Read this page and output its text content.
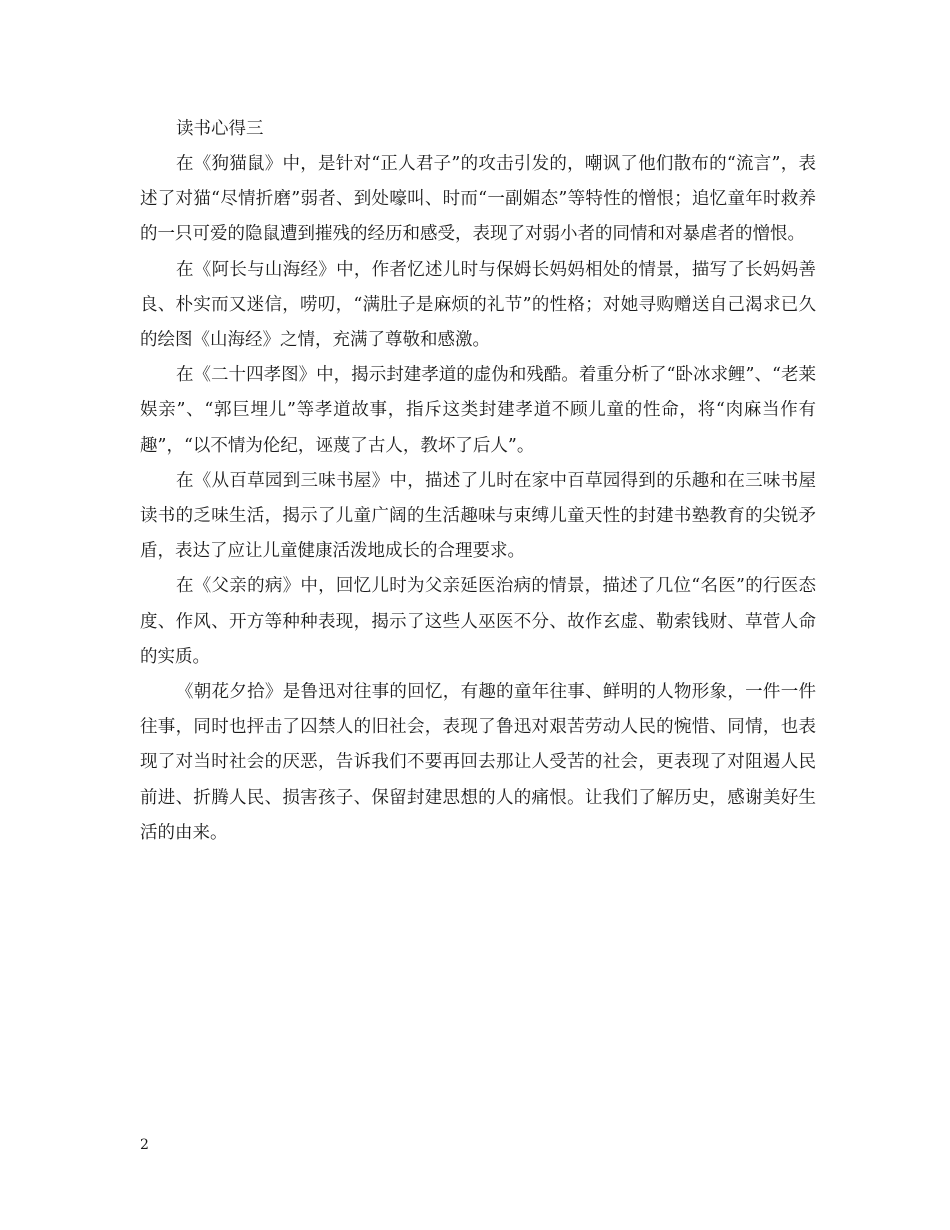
读书心得三

在《狗猫鼠》中，是针对“正人君子”的攻击引发的，嘲讽了他们散布的“流言”，表述了对猫“尽情折磨”弱者、到处嚎叫、时而“一副媚态”等特性的憎恨；追忆童年时救养的一只可爱的隐鼠遭到摧残的经历和感受，表现了对弱小者的同情和对暴虐者的憎恨。

在《阿长与山海经》中，作者忆述儿时与保姆长妈妈相处的情景，描写了长妈妈善良、朴实而又迷信，唠叨，“满肚子是麻烦的礼节”的性格；对她寻购赠送自己渴求已久的绘图《山海经》之情，充满了尊敬和感激。

在《二十四孝图》中，揭示封建孝道的虚伪和残酷。着重分析了“卧冰求鲤”、“老莱娱亲”、“郭巨埋儿”等孝道故事，指斥这类封建孝道不顾儿童的性命，将“肉麻当作有趣”，“以不情为伦纪，诬蔑了古人，教坏了后人”。

在《从百草园到三味书屋》中，描述了儿时在家中百草园得到的乐趣和在三味书屋读书的乏味生活，揭示了儿童广阔的生活趣味与束缚儿童天性的封建书塾教育的尖锐矛盾，表达了应让儿童健康活泼地成长的合理要求。

在《父亲的病》中，回忆儿时为父亲延医治病的情景，描述了几位“名医”的行医态度、作风、开方等种种表现，揭示了这些人巫医不分、故作玄虚、勒索钱财、草菅人命的实质。

《朝花夕拾》是鲁迅对往事的回忆，有趣的童年往事、鲜明的人物形象，一件一件往事，同时也抨击了囚禁人的旧社会，表现了鲁迅对艰苦劳动人民的惋惜、同情，也表现了对当时社会的厌恶，告诉我们不要再回去那让人受苦的社会，更表现了对阻遏人民前进、折腾人民、损害孩子、保留封建思想的人的痛恨。让我们了解历史，感谢美好生活的由来。

2
